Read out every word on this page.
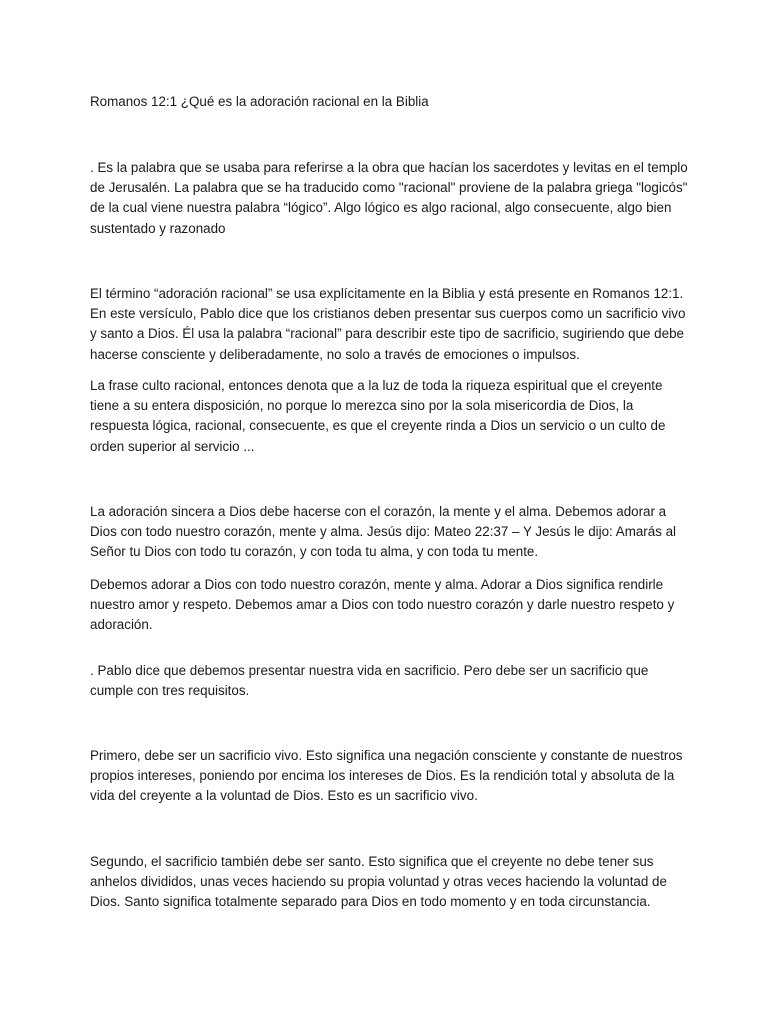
Romanos 12:1 ¿Qué es la adoración racional en la Biblia

. Es la palabra que se usaba para referirse a la obra que hacían los sacerdotes y levitas en el templo de Jerusalén. La palabra que se ha traducido como "racional" proviene de la palabra griega "logicós" de la cual viene nuestra palabra “lógico”. Algo lógico es algo racional, algo consecuente, algo bien sustentado y razonado

El término “adoración racional” se usa explícitamente en la Biblia y está presente en Romanos 12:1. En este versículo, Pablo dice que los cristianos deben presentar sus cuerpos como un sacrificio vivo y santo a Dios. Él usa la palabra “racional” para describir este tipo de sacrificio, sugiriendo que debe hacerse consciente y deliberadamente, no solo a través de emociones o impulsos.

La frase culto racional, entonces denota que a la luz de toda la riqueza espiritual que el creyente tiene a su entera disposición, no porque lo merezca sino por la sola misericordia de Dios, la respuesta lógica, racional, consecuente, es que el creyente rinda a Dios un servicio o un culto de orden superior al servicio ...

La adoración sincera a Dios debe hacerse con el corazón, la mente y el alma. Debemos adorar a Dios con todo nuestro corazón, mente y alma. Jesús dijo: Mateo 22:37 – Y Jesús le dijo: Amarás al Señor tu Dios con todo tu corazón, y con toda tu alma, y con toda tu mente.

Debemos adorar a Dios con todo nuestro corazón, mente y alma. Adorar a Dios significa rendirle nuestro amor y respeto. Debemos amar a Dios con todo nuestro corazón y darle nuestro respeto y adoración.

. Pablo dice que debemos presentar nuestra vida en sacrificio. Pero debe ser un sacrificio que cumple con tres requisitos.

Primero, debe ser un sacrificio vivo. Esto significa una negación consciente y constante de nuestros propios intereses, poniendo por encima los intereses de Dios. Es la rendición total y absoluta de la vida del creyente a la voluntad de Dios. Esto es un sacrificio vivo.

Segundo, el sacrificio también debe ser santo. Esto significa que el creyente no debe tener sus anhelos divididos, unas veces haciendo su propia voluntad y otras veces haciendo la voluntad de Dios. Santo significa totalmente separado para Dios en todo momento y en toda circunstancia.
